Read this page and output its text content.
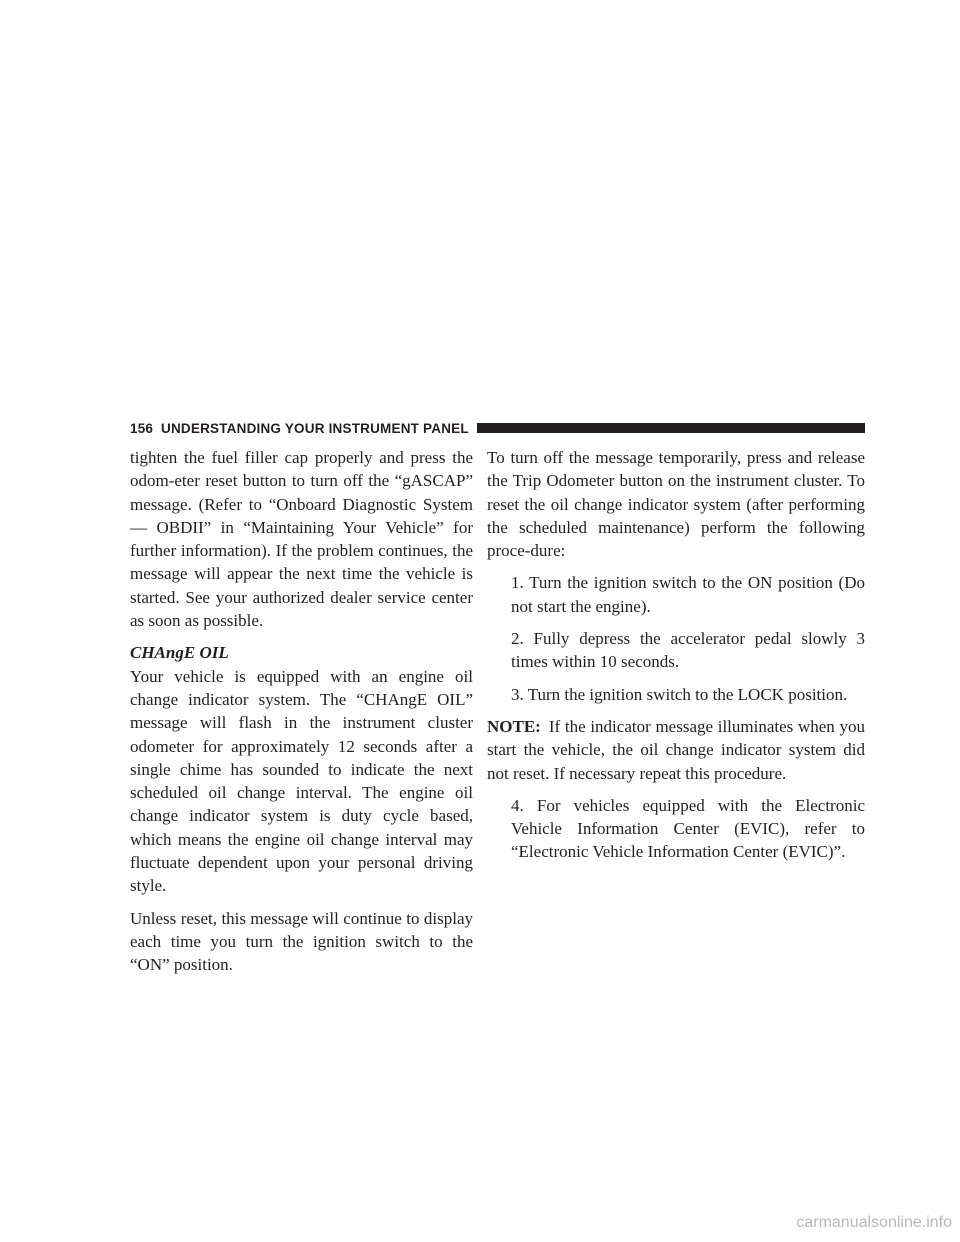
156 UNDERSTANDING YOUR INSTRUMENT PANEL

tighten the fuel filler cap properly and press the odom-eter reset button to turn off the “gASCAP” message. (Refer to “Onboard Diagnostic System — OBDII” in “Maintaining Your Vehicle” for further information). If the problem continues, the message will appear the next time the vehicle is started. See your authorized dealer service center as soon as possible.

CHAngE OIL

Your vehicle is equipped with an engine oil change indicator system. The “CHAngE OIL” message will flash in the instrument cluster odometer for approximately 12 seconds after a single chime has sounded to indicate the next scheduled oil change interval. The engine oil change indicator system is duty cycle based, which means the engine oil change interval may fluctuate dependent upon your personal driving style.

Unless reset, this message will continue to display each time you turn the ignition switch to the “ON” position.

To turn off the message temporarily, press and release the Trip Odometer button on the instrument cluster. To reset the oil change indicator system (after performing the scheduled maintenance) perform the following proce-dure:

1. Turn the ignition switch to the ON position (Do not start the engine).

2. Fully depress the accelerator pedal slowly 3 times within 10 seconds.

3. Turn the ignition switch to the LOCK position.

NOTE: If the indicator message illuminates when you start the vehicle, the oil change indicator system did not reset. If necessary repeat this procedure.

4. For vehicles equipped with the Electronic Vehicle Information Center (EVIC), refer to “Electronic Vehicle Information Center (EVIC)”.

carmanualsonline.info
